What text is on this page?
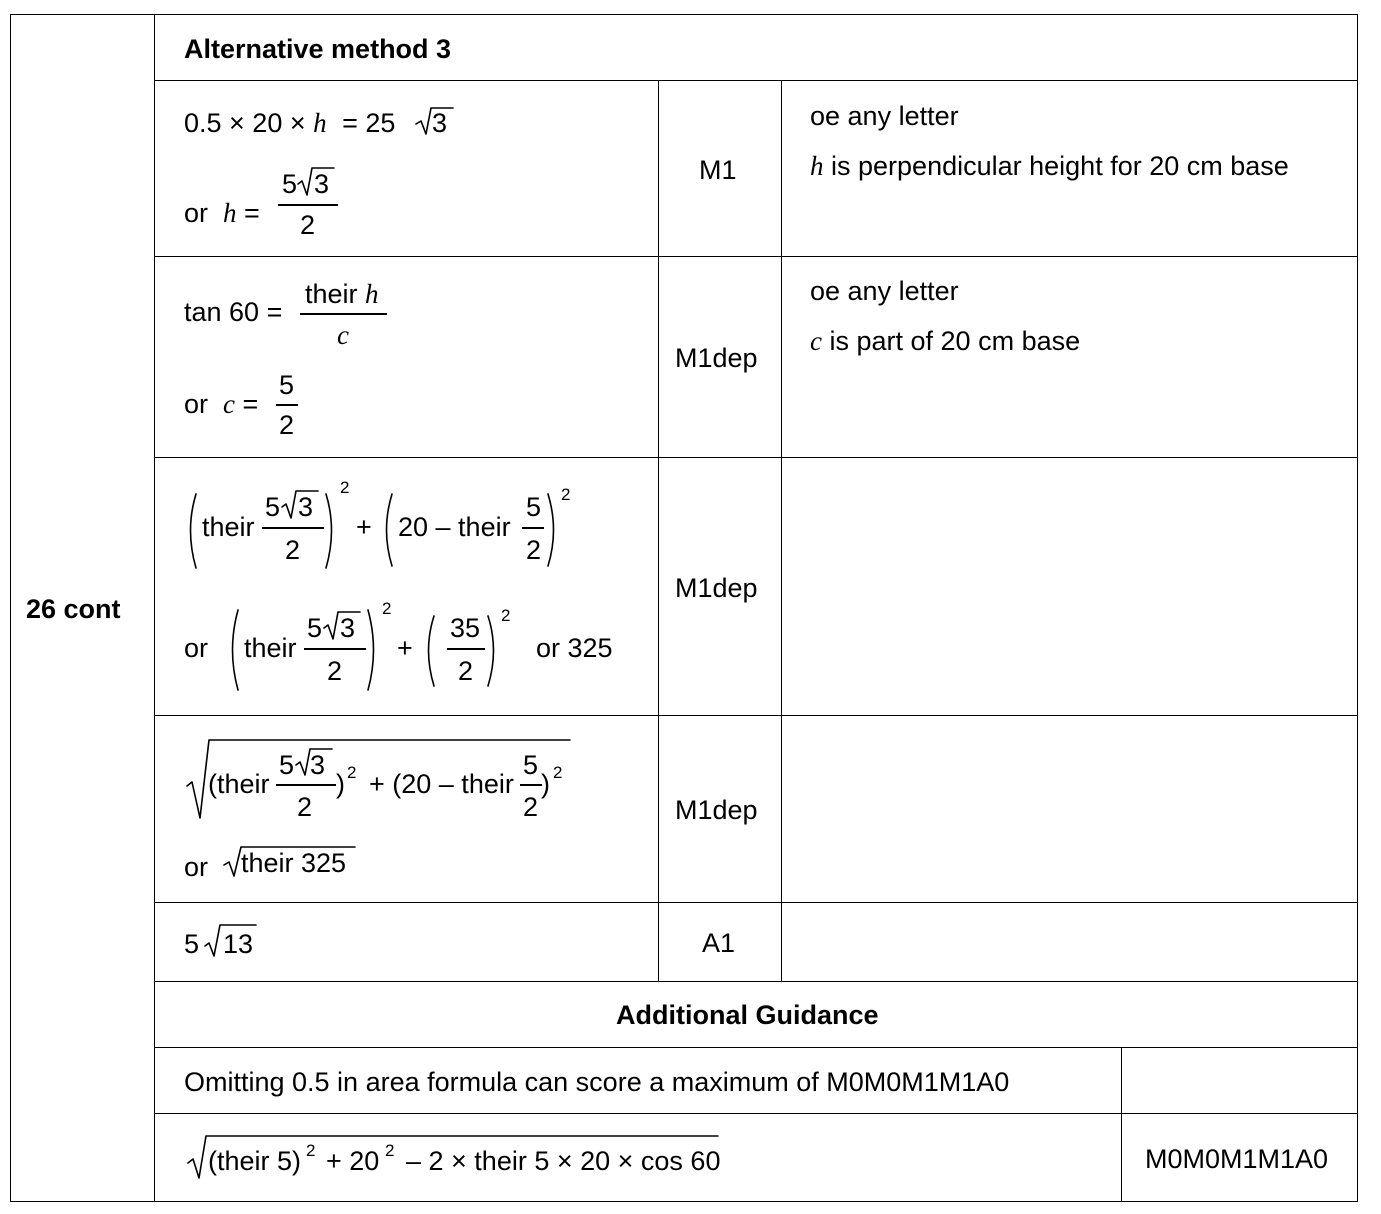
26 cont
Alternative method 3
0.5 × 20 × h = 25 3
or h =
5 3
2
M1
oe any letter
h is perpendicular height for 20 cm base
tan 60 =
their h
c
or c =
5
2
M1dep
oe any letter
c is part of 20 cm base
their
5 3
2
2
+ 20 – their
5
2
2
or their
5 3
2
2
+
35
2
2
or 325
M1dep
(their
5 3
2
) 2 + (20 – their
5
2
) 2
or their 325
M1dep
5 13	A1
Additional Guidance
Omitting 0.5 in area formula can score a maximum of M0M0M1M1A0
(their 5) 2 + 20 2 – 2 × their 5 × 20 × cos 60	M0M0M1M1A0
